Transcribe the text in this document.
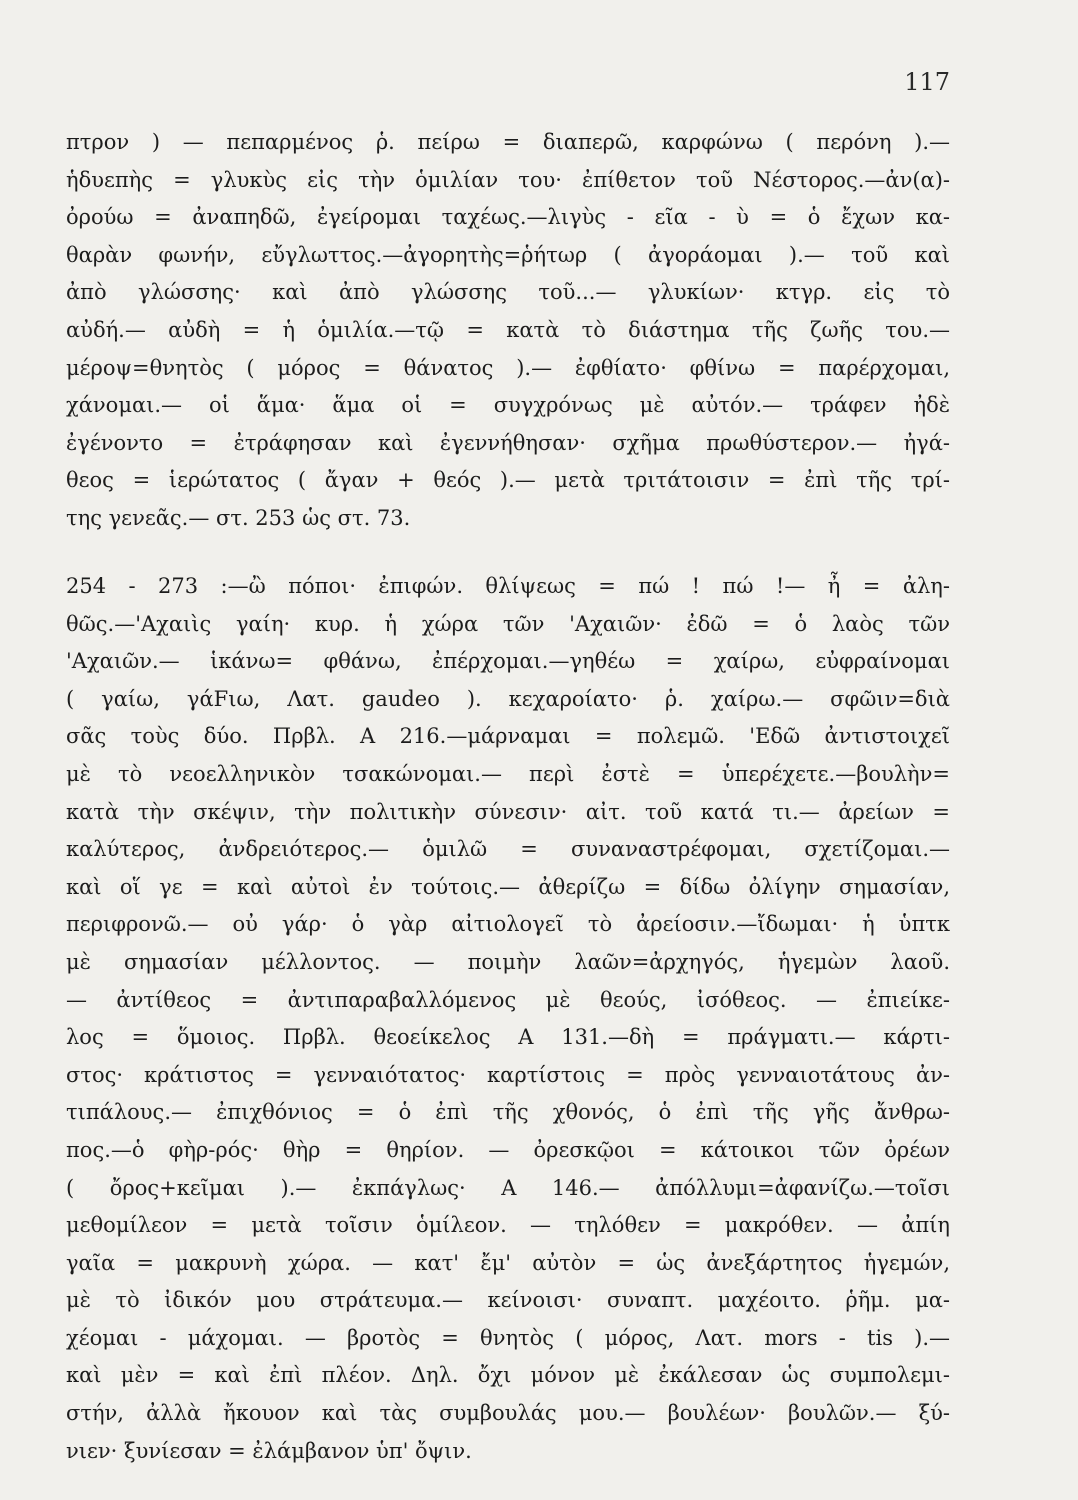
117
πτρον ) — πεπαρμένος ῥ. πείρω = διαπερῶ, καρφώνω ( περόνη ).—
ἡδυεπὴς = γλυκὺς εἰς τὴν ὁμιλίαν του· ἐπίθετον τοῦ Νέστορος.—ἀν(α)-
ὀρούω = ἀναπηδῶ, ἐγείρομαι ταχέως.—λιγὺς - εῖα - ὺ = ὁ ἔχων κα-
θαρὰν φωνήν, εὔγλωττος.—ἀγορητὴς=ῥήτωρ ( ἀγοράομαι ).— τοῦ καὶ
ἀπὸ γλώσσης· καὶ ἀπὸ γλώσσης τοῦ...— γλυκίων· κτγρ. εἰς τὸ
αὐδή.— αὐδὴ = ἡ ὁμιλία.—τῷ = κατὰ τὸ διάστημα τῆς ζωῆς του.—
μέροψ=θνητὸς ( μόρος = θάνατος ).— ἐφθίατο· φθίνω = παρέρχομαι,
χάνομαι.— οἱ ἅμα· ἅμα οἱ = συγχρόνως μὲ αὐτόν.— τράφεν ἠδὲ
ἐγένοντο = ἐτράφησαν καὶ ἐγεννήθησαν· σχῆμα πρωθύστερον.— ἠγά-
θεος = ἱερώτατος ( ἄγαν + θεός ).— μετὰ τριτάτοισιν = ἐπὶ τῆς τρί-
της γενεᾶς.— στ. 253 ὡς στ. 73.
254 - 273 :—ὢ πόποι· ἐπιφών. θλίψεως = πώ ! πώ !— ἦ = ἀλη-
θῶς.—'Αχαιὶς γαίη· κυρ. ἡ χώρα τῶν 'Αχαιῶν· ἐδῶ = ὁ λαὸς τῶν
'Αχαιῶν.— ἱκάνω= φθάνω, ἐπέρχομαι.—γηθέω = χαίρω, εὐφραίνομαι
( γαίω, γάFιω, Λατ. gaudeo ). κεχαροίατο· ῥ. χαίρω.— σφῶιν=διὰ
σᾶς τοὺς δύο. Πρβλ. Α 216.—μάρναμαι = πολεμῶ. 'Εδῶ ἀντιστοιχεῖ
μὲ τὸ νεοελληνικὸν τσακώνομαι.— περὶ ἐστὲ = ὑπερέχετε.—βουλὴν=
κατὰ τὴν σκέψιν, τὴν πολιτικὴν σύνεσιν· αἰτ. τοῦ κατά τι.— ἀρείων =
καλύτερος, ἀνδρειότερος.— ὁμιλῶ = συναναστρέφομαι, σχετίζομαι.—
καὶ οἵ γε = καὶ αὐτοὶ ἐν τούτοις.— ἀθερίζω = δίδω ὀλίγην σημασίαν,
περιφρονῶ.— οὐ γάρ· ὁ γὰρ αἰτιολογεῖ τὸ ἀρείοσιν.—ἴδωμαι· ἡ ὑπτκ
μὲ σημασίαν μέλλοντος. — ποιμὴν λαῶν=ἀρχηγός, ἡγεμὼν λαοῦ.
— ἀντίθεος = ἀντιπαραβαλλόμενος μὲ θεούς, ἰσόθεος. — ἐπιείκε-
λος = ὅμοιος. Πρβλ. θεοείκελος Α 131.—δὴ = πράγματι.— κάρτι-
στος· κράτιστος = γενναιότατος· καρτίστοις = πρὸς γενναιοτάτους ἀν-
τιπάλους.— ἐπιχθόνιος = ὁ ἐπὶ τῆς χθονός, ὁ ἐπὶ τῆς γῆς ἄνθρω-
πος.—ὁ φὴρ-ρός· θὴρ = θηρίον. — ὀρεσκῷοι = κάτοικοι τῶν ὀρέων
( ὄρος+κεῖμαι ).— ἐκπάγλως· Α 146.— ἀπόλλυμι=ἀφανίζω.—τοῖσι
μεθομίλεον = μετὰ τοῖσιν ὁμίλεον. — τηλόθεν = μακρόθεν. — ἀπίη
γαῖα = μακρυνὴ χώρα. — κατ' ἔμ' αὐτὸν = ὡς ἀνεξάρτητος ἡγεμών,
μὲ τὸ ἰδικόν μου στράτευμα.— κείνοισι· συναπτ. μαχέοιτο. ῥῆμ. μα-
χέομαι - μάχομαι. — βροτὸς = θνητὸς ( μόρος, Λατ. mors - tis ).—
καὶ μὲν = καὶ ἐπὶ πλέον. Δηλ. ὄχι μόνον μὲ ἐκάλεσαν ὡς συμπολεμι-
στήν, ἀλλὰ ἤκουον καὶ τὰς συμβουλάς μου.— βουλέων· βουλῶν.— ξύ-
νιεν· ξυνίεσαν = ἐλάμβανον ὑπ' ὄψιν.
